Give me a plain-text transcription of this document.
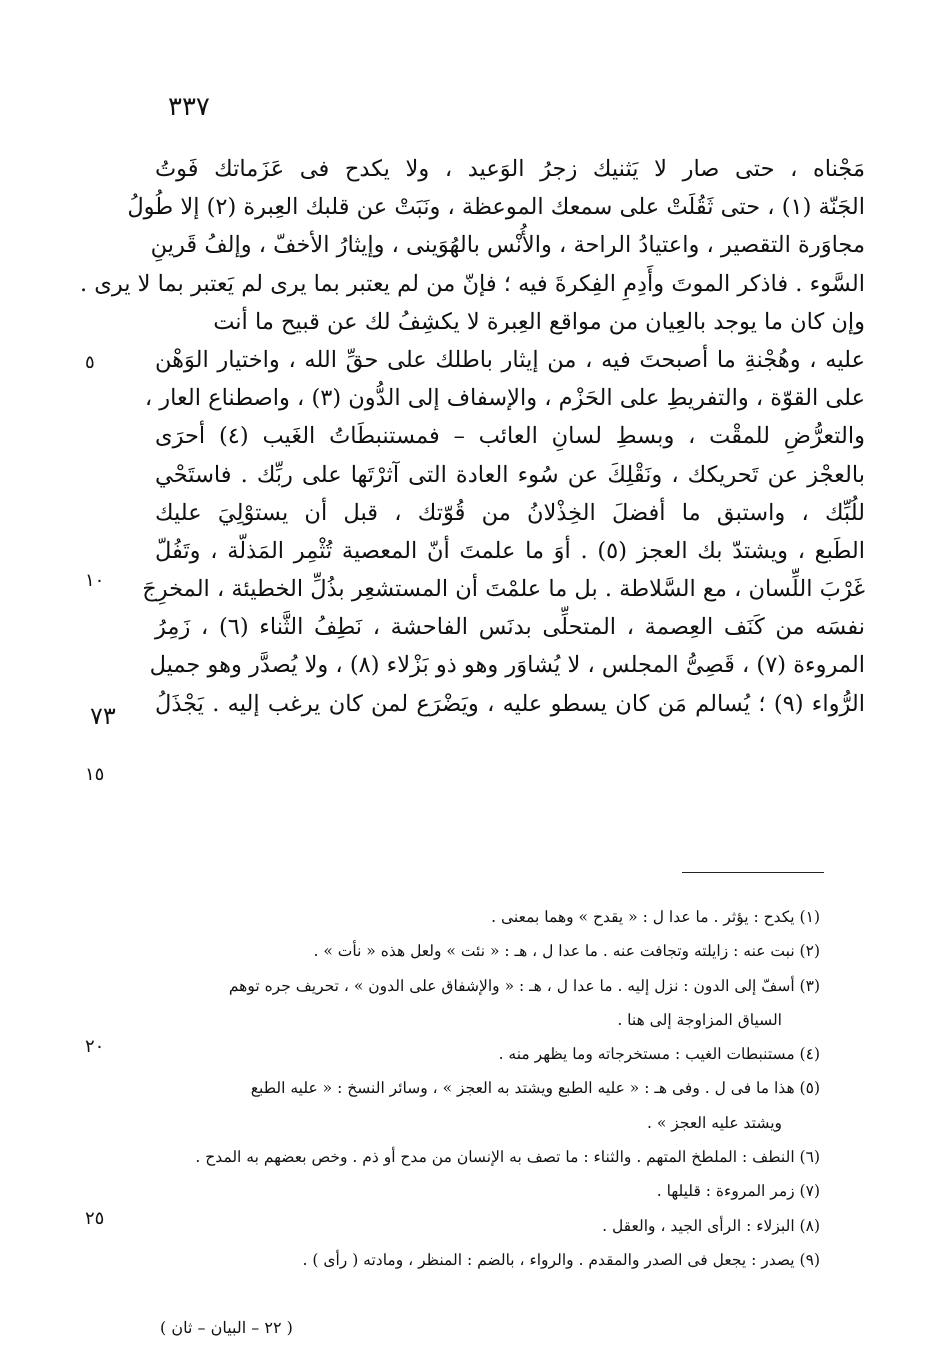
٣٣٧
مَجْناه ، حتى صار لا يَثنيك زجرُ الوَعيد ، ولا يكدح فى عَزَماتك فَوتُ
الجَنّة (١) ، حتى ثَقُلَتْ على سمعك الموعظة ، ونَبَتْ عن قلبك العِبرة (٢) إلا طُولُ
مجاوَرة التقصير ، واعتيادُ الراحة ، والأُنْس بالهُوَينى ، وإيثارُ الأخفّ ، وإلفُ قَرينِ
السَّوء . فاذكر الموتَ وأَدِمِ الفِكرةَ فيه ؛ فإنّ من لم يعتبر بما يرى لم يَعتبر بما لا يرى .
وإن كان ما يوجد بالعِيان من مواقع العِبرة لا يكشِفُ لك عن قبيح ما أنت
عليه ، وهُجْنةِ ما أصبحتَ فيه ، من إيثار باطلك على حقِّ الله ، واختيار الوَهْن
على القوّة ، والتفريطِ على الحَزْم ، والإسفاف إلى الدُّون (٣) ، واصطناع العار ،
والتعرُّضِ للمقْت ، وبسطِ لسانِ العائب – فمستنبطَاتُ الغَيب (٤) أحرَى
بالعجْز عن تَحريكك ، ونَقْلِكَ عن سُوء العادة التى آثرْتَها على ربِّك . فاستَحْي
للُبِّك ، واستبق ما أفضلَ الخِذْلانُ من قُوّتك ، قبل أن يستوْلِيَ عليك
الطَبع ، ويشتدّ بك العجز (٥) . أوَ ما علمتَ أنّ المعصية تُثْمِر المَذلّة ، وتَفُلّ
غَرْبَ اللِّسان ، مع السَّلاطة . بل ما علمْتَ أن المستشعِر بذُلِّ الخطيئة ، المخرِجَ
نفسَه من كَنَف العِصمة ، المتحلِّى بدنَس الفاحشة ، نَطِفُ الثَّناء (٦) ، زَمِرُ
المروءة (٧) ، قَصِىُّ المجلس ، لا يُشاوَر وهو ذو بَزْلاء (٨) ، ولا يُصدَّر وهو جميل
الرُّواء (٩) ؛ يُسالم مَن كان يسطو عليه ، ويَضْرَع لمن كان يرغب إليه . يَجْذَلُ
٥
١٠
٧٣
١٥
(١) يكدح : يؤثر . ما عدا ل : « يقدح » وهما بمعنى .
(٢) نبت عنه : زايلته وتجافت عنه . ما عدا ل ، هـ : « نئت » ولعل هذه « نأت » .
(٣) أسفّ إلى الدون : نزل إليه . ما عدا ل ، هـ : « والإشفاق على الدون » ، تحريف جره توهم
السياق المزاوجة إلى هنا .
(٤) مستنبطات الغيب : مستخرجاته وما يظهر منه .
(٥) هذا ما فى ل . وفى هـ : « عليه الطبع ويشتد به العجز » ، وسائر النسخ : « عليه الطبع
ويشتد عليه العجز » .
(٦) النطف : الملطخ المتهم . والثناء : ما تصف به الإنسان من مدح أو ذم . وخص بعضهم به المدح .
(٧) زمر المروءة : قليلها .
(٨) البزلاء : الرأى الجيد ، والعقل .
(٩) يصدر : يجعل فى الصدر والمقدم . والرواء ، بالضم : المنظر ، ومادته ( رأى ) .
٢٠
٢٥
( ٢٢ – البيان – ثان )
